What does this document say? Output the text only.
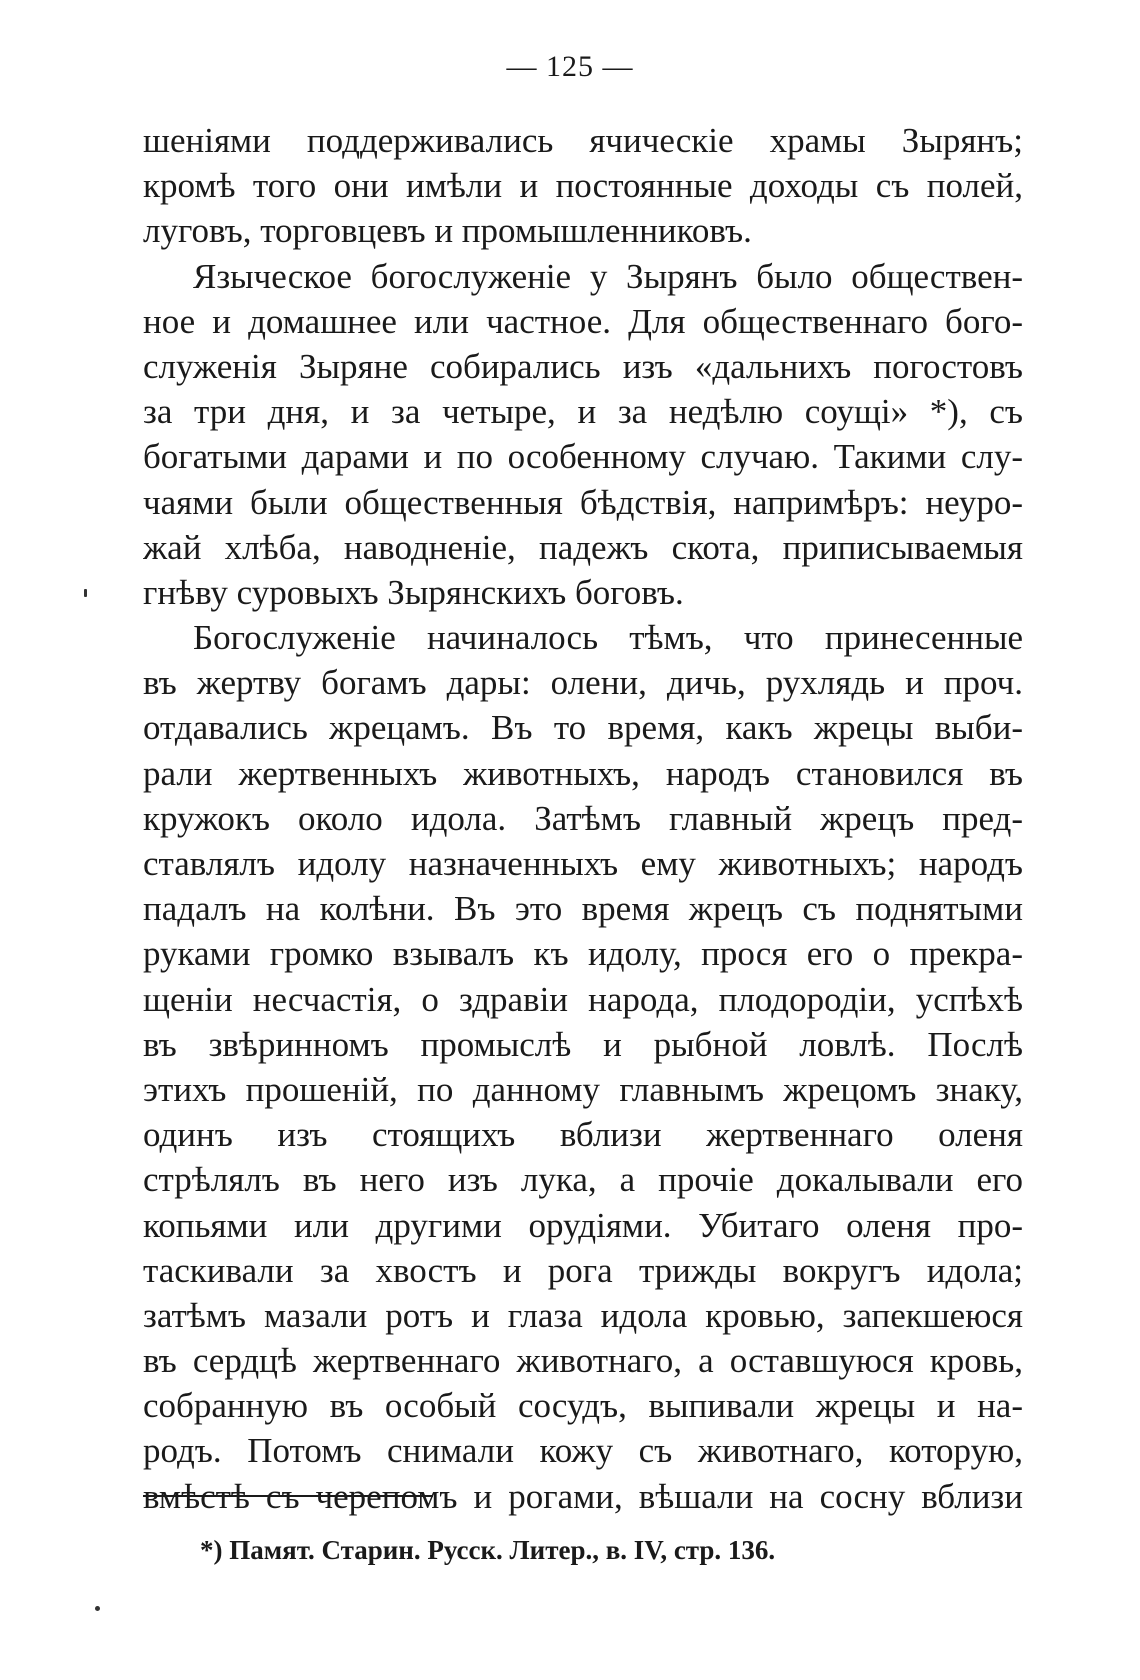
— 125 —
шеніями поддерживались ячическіе храмы Зырянъ;
кромѣ того они имѣли и постоянные доходы съ полей,
луговъ, торговцевъ и промышленниковъ.
Языческое богослуженіе у Зырянъ было обществен-
ное и домашнее или частное. Для общественнаго бого-
служенія Зыряне собирались изъ «дальнихъ погостовъ
за три дня, и за четыре, и за недѣлю соущі» *), съ
богатыми дарами и по особенному случаю. Такими слу-
чаями были общественныя бѣдствія, напримѣръ: неуро-
жай хлѣба, наводненіе, падежъ скота, приписываемыя
гнѣву суровыхъ Зырянскихъ боговъ.
Богослуженіе начиналось тѣмъ, что принесенные
въ жертву богамъ дары: олени, дичь, рухлядь и проч.
отдавались жрецамъ. Въ то время, какъ жрецы выби-
рали жертвенныхъ животныхъ, народъ становился въ
кружокъ около идола. Затѣмъ главный жрецъ пред-
ставлялъ идолу назначенныхъ ему животныхъ; народъ
падалъ на колѣни. Въ это время жрецъ съ поднятыми
руками громко взывалъ къ идолу, прося его о прекра-
щеніи несчастія, о здравіи народа, плодородіи, успѣхѣ
въ звѣринномъ промыслѣ и рыбной ловлѣ. Послѣ
этихъ прошеній, по данному главнымъ жрецомъ знаку,
одинъ изъ стоящихъ вблизи жертвеннаго оленя
стрѣлялъ въ него изъ лука, а прочіе докалывали его
копьями или другими орудіями. Убитаго оленя про-
таскивали за хвостъ и рога трижды вокругъ идола;
затѣмъ мазали ротъ и глаза идола кровью, запекшеюся
въ сердцѣ жертвеннаго животнаго, а оставшуюся кровь,
собранную въ особый сосудъ, выпивали жрецы и на-
родъ. Потомъ снимали кожу съ животнаго, которую,
вмѣстѣ съ черепомъ и рогами, вѣшали на сосну вблизи
*) Памят. Старин. Русск. Литер., в. IV, стр. 136.
